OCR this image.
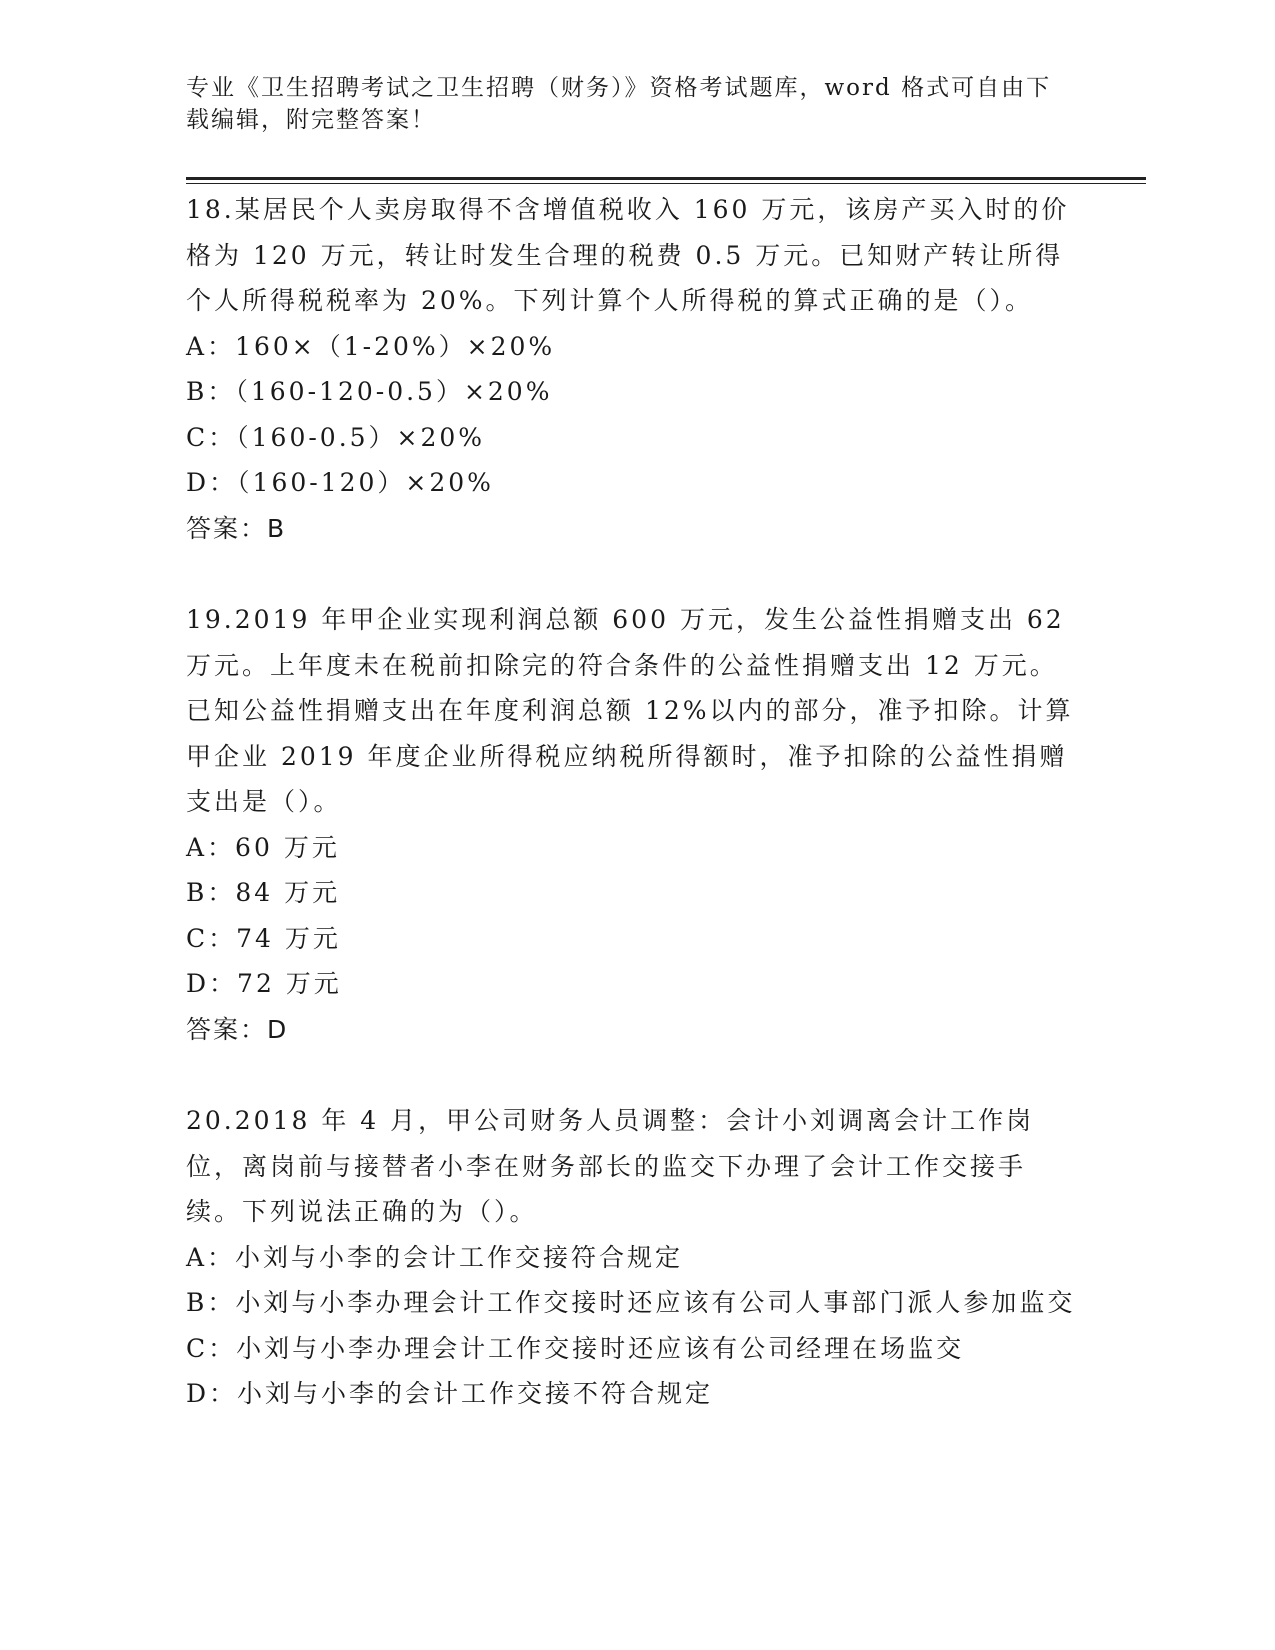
专业《卫生招聘考试之卫生招聘（财务）》资格考试题库，word 格式可自由下载编辑，附完整答案！

18.某居民个人卖房取得不含增值税收入 160 万元，该房产买入时的价格为 120 万元，转让时发生合理的税费 0.5 万元。已知财产转让所得个人所得税税率为 20%。下列计算个人所得税的算式正确的是（）。

A：160×（1-20%）×20%

B：（160-120-0.5）×20%

C：（160-0.5）×20%

D：（160-120）×20%

答案：B

19.2019 年甲企业实现利润总额 600 万元，发生公益性捐赠支出 62 万元。上年度未在税前扣除完的符合条件的公益性捐赠支出 12 万元。已知公益性捐赠支出在年度利润总额 12%以内的部分，准予扣除。计算甲企业 2019 年度企业所得税应纳税所得额时，准予扣除的公益性捐赠支出是（）。

A：60 万元

B：84 万元

C：74 万元

D：72 万元

答案：D

20.2018 年 4 月，甲公司财务人员调整：会计小刘调离会计工作岗位，离岗前与接替者小李在财务部长的监交下办理了会计工作交接手续。下列说法正确的为（）。

A：小刘与小李的会计工作交接符合规定

B：小刘与小李办理会计工作交接时还应该有公司人事部门派人参加监交

C：小刘与小李办理会计工作交接时还应该有公司经理在场监交

D：小刘与小李的会计工作交接不符合规定
